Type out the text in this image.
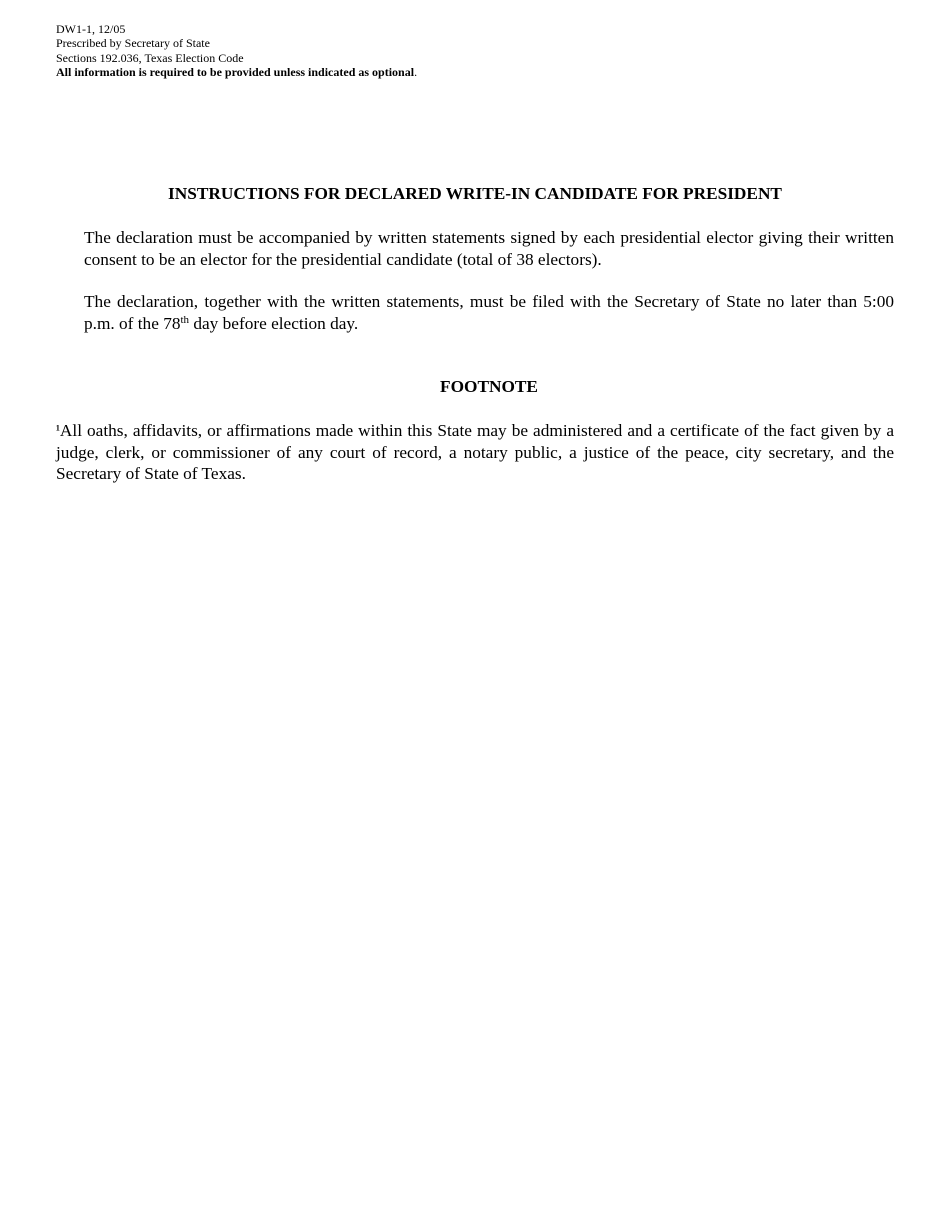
DW1-1, 12/05
Prescribed by Secretary of State
Sections 192.036, Texas Election Code
All information is required to be provided unless indicated as optional.
INSTRUCTIONS FOR DECLARED WRITE-IN CANDIDATE FOR PRESIDENT
The declaration must be accompanied by written statements signed by each presidential elector giving their written consent to be an elector for the presidential candidate (total of 38 electors).
The declaration, together with the written statements, must be filed with the Secretary of State no later than 5:00 p.m. of the 78th day before election day.
FOOTNOTE
¹All oaths, affidavits, or affirmations made within this State may be administered and a certificate of the fact given by a judge, clerk, or commissioner of any court of record, a notary public, a justice of the peace, city secretary, and the Secretary of State of Texas.
